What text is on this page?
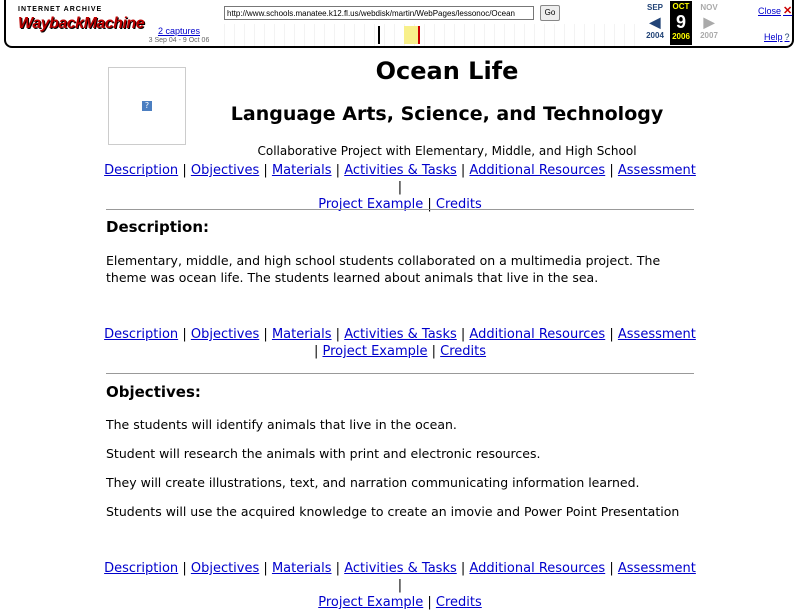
INTERNET ARCHIVE
WaybackMachine	2 captures
3 Sep 04 - 9 Oct 06
http://www.schools.manatee.k12.fl.us/webdisk/martin/WebPages/lessonoc/Ocean	Go
SEP
◀
2004
OCT
9
2006
NOV
▶
2007
Close ✕
Help ?
?
Ocean Life
Language Arts, Science, and Technology
Collaborative Project with Elementary, Middle, and High School
Description | Objectives | Materials | Activities & Tasks | Additional Resources | Assessment |
Project Example | Credits
Description:

Elementary, middle, and high school students collaborated on a multimedia project. The theme was ocean life. The students learned about animals that live in the sea.

Description | Objectives | Materials | Activities & Tasks | Additional Resources | Assessment
| Project Example | Credits
Objectives:

The students will identify animals that live in the ocean.

Student will research the animals with print and electronic resources.

They will create illustrations, text, and narration communicating information learned.

Students will use the acquired knowledge to create an imovie and Power Point Presentation

Description | Objectives | Materials | Activities & Tasks | Additional Resources | Assessment |
Project Example | Credits
